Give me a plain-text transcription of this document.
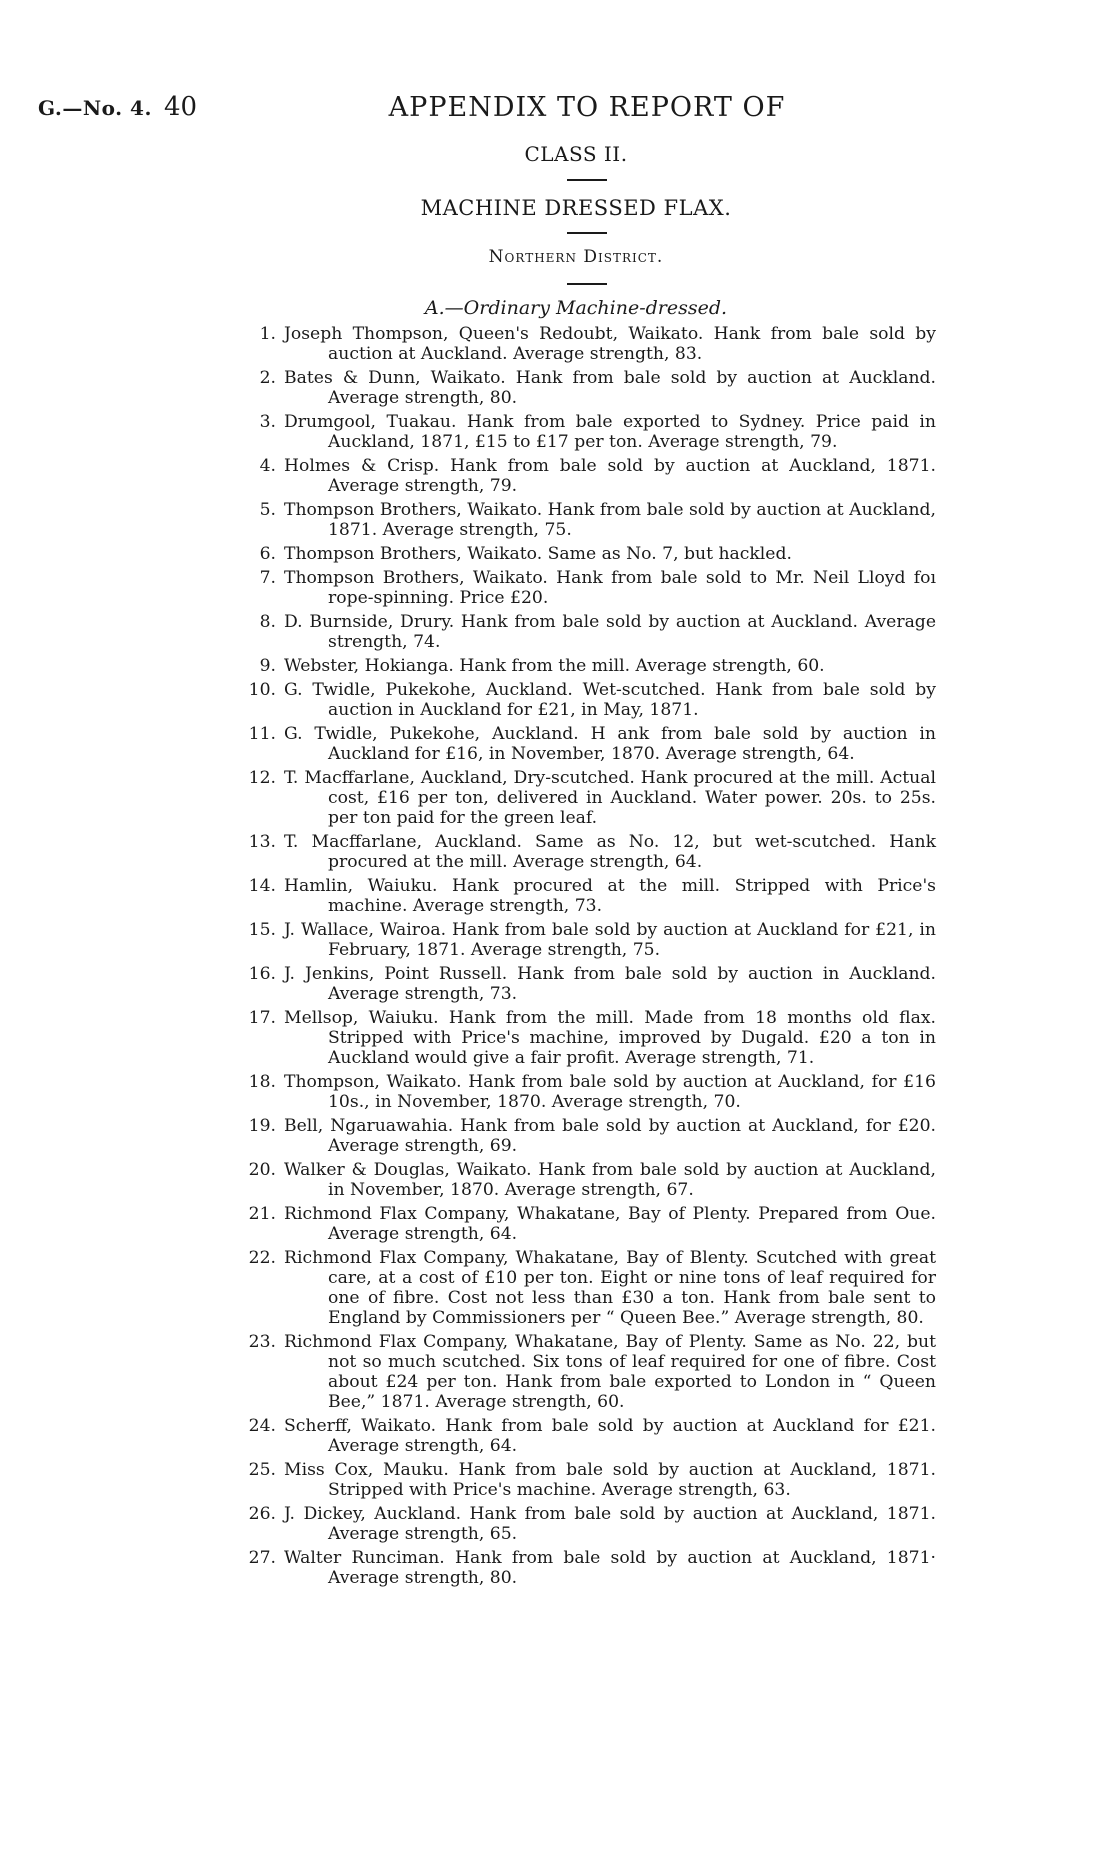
G.—No. 4. 40	APPENDIX TO REPORT OF
CLASS II.
MACHINE DRESSED FLAX.
Northern District.
A.—Ordinary Machine-dressed.
1. Joseph Thompson, Queen's Redoubt, Waikato. Hank from bale sold by auction at Auckland. Average strength, 83.
2. Bates & Dunn, Waikato. Hank from bale sold by auction at Auckland. Average strength, 80.
3. Drumgool, Tuakau. Hank from bale exported to Sydney. Price paid in Auckland, 1871, £15 to £17 per ton. Average strength, 79.
4. Holmes & Crisp. Hank from bale sold by auction at Auckland, 1871. Average strength, 79.
5. Thompson Brothers, Waikato. Hank from bale sold by auction at Auckland, 1871. Average strength, 75.
6. Thompson Brothers, Waikato. Same as No. 7, but hackled.
7. Thompson Brothers, Waikato. Hank from bale sold to Mr. Neil Lloyd foı rope-spinning. Price £20.
8. D. Burnside, Drury. Hank from bale sold by auction at Auckland. Average strength, 74.
9. Webster, Hokianga. Hank from the mill. Average strength, 60.
10. G. Twidle, Pukekohe, Auckland. Wet-scutched. Hank from bale sold by auction in Auckland for £21, in May, 1871.
11. G. Twidle, Pukekohe, Auckland. H ank from bale sold by auction in Auckland for £16, in November, 1870. Average strength, 64.
12. T. Macffarlane, Auckland, Dry-scutched. Hank procured at the mill. Actual cost, £16 per ton, delivered in Auckland. Water power. 20s. to 25s. per ton paid for the green leaf.
13. T. Macffarlane, Auckland. Same as No. 12, but wet-scutched. Hank procured at the mill. Average strength, 64.
14. Hamlin, Waiuku. Hank procured at the mill. Stripped with Price's machine. Average strength, 73.
15. J. Wallace, Wairoa. Hank from bale sold by auction at Auckland for £21, in February, 1871. Average strength, 75.
16. J. Jenkins, Point Russell. Hank from bale sold by auction in Auckland. Average strength, 73.
17. Mellsop, Waiuku. Hank from the mill. Made from 18 months old flax. Stripped with Price's machine, improved by Dugald. £20 a ton in Auckland would give a fair profit. Average strength, 71.
18. Thompson, Waikato. Hank from bale sold by auction at Auckland, for £16 10s., in November, 1870. Average strength, 70.
19. Bell, Ngaruawahia. Hank from bale sold by auction at Auckland, for £20. Average strength, 69.
20. Walker & Douglas, Waikato. Hank from bale sold by auction at Auckland, in November, 1870. Average strength, 67.
21. Richmond Flax Company, Whakatane, Bay of Plenty. Prepared from Oue. Average strength, 64.
22. Richmond Flax Company, Whakatane, Bay of Blenty. Scutched with great care, at a cost of £10 per ton. Eight or nine tons of leaf required for one of fibre. Cost not less than £30 a ton. Hank from bale sent to England by Commissioners per “ Queen Bee.” Average strength, 80.
23. Richmond Flax Company, Whakatane, Bay of Plenty. Same as No. 22, but not so much scutched. Six tons of leaf required for one of fibre. Cost about £24 per ton. Hank from bale exported to London in “ Queen Bee,” 1871. Average strength, 60.
24. Scherff, Waikato. Hank from bale sold by auction at Auckland for £21. Average strength, 64.
25. Miss Cox, Mauku. Hank from bale sold by auction at Auckland, 1871. Stripped with Price's machine. Average strength, 63.
26. J. Dickey, Auckland. Hank from bale sold by auction at Auckland, 1871. Average strength, 65.
27. Walter Runciman. Hank from bale sold by auction at Auckland, 1871· Average strength, 80.
